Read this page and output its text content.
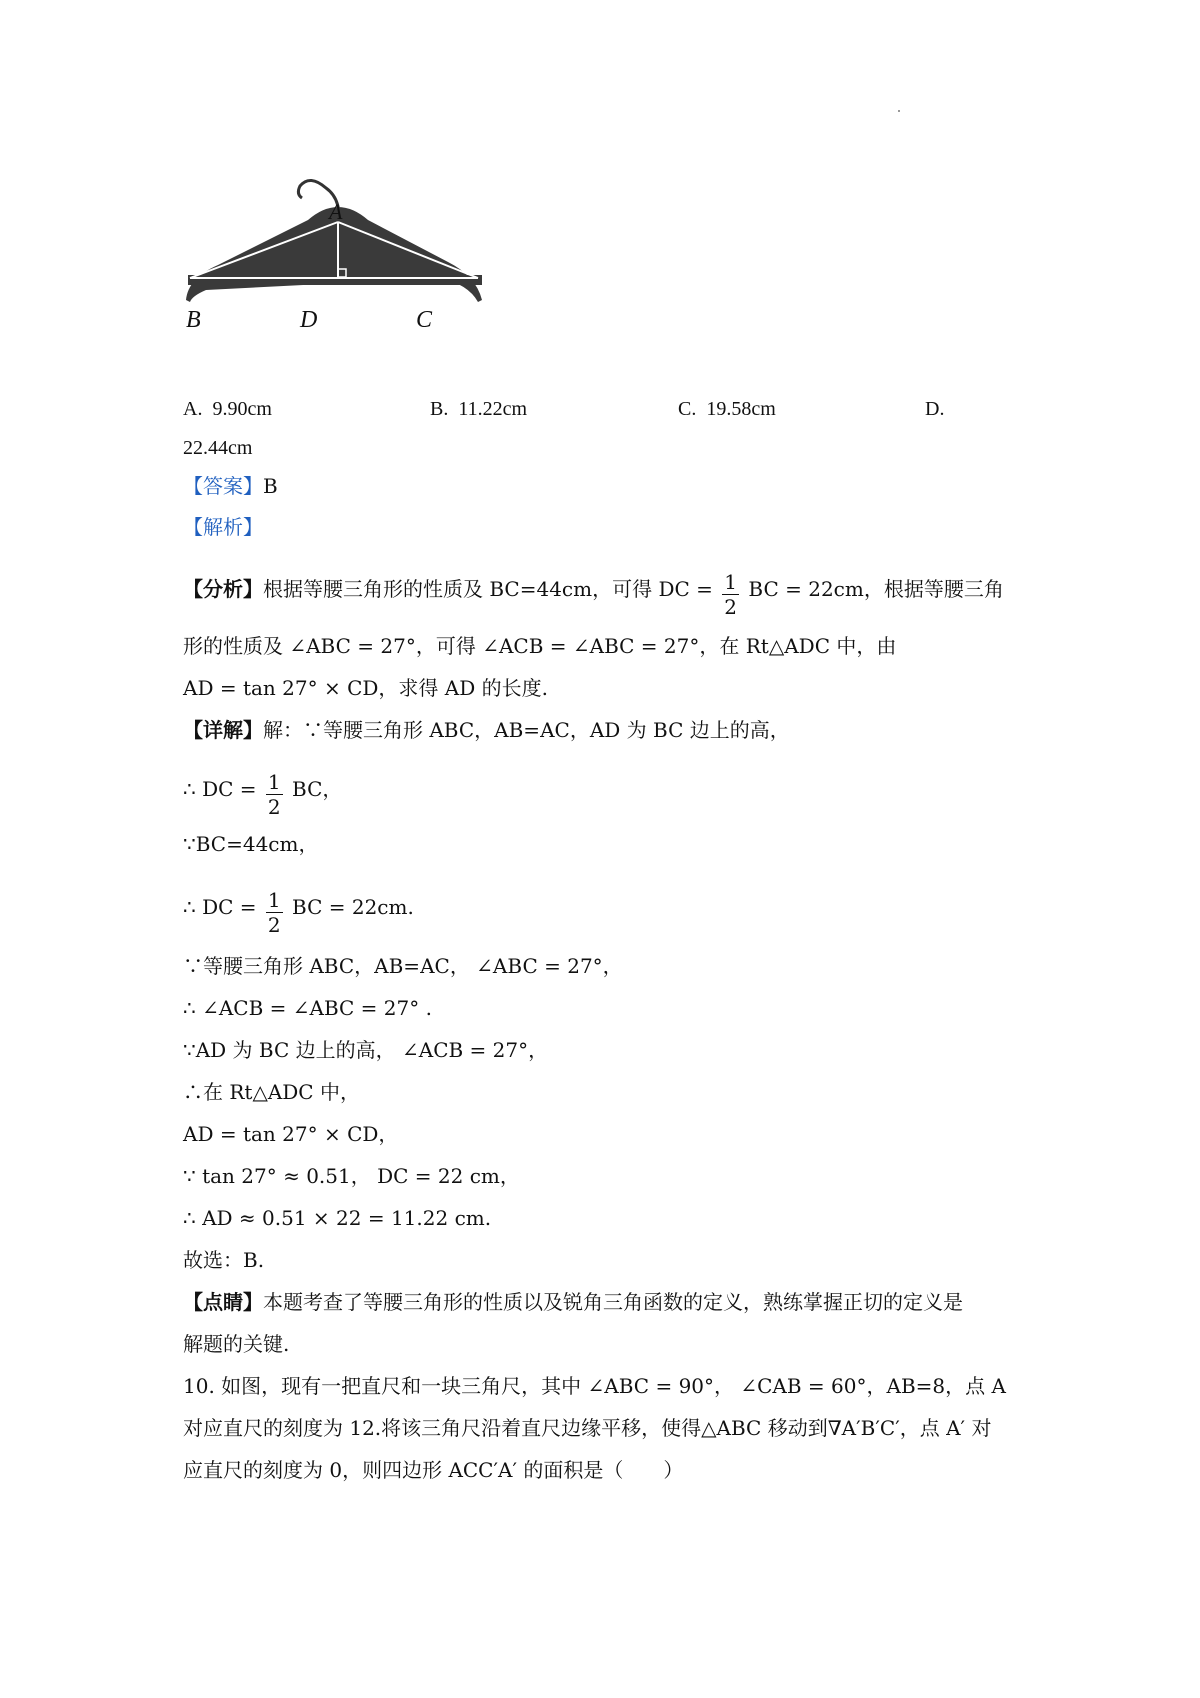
A
B	D	C
A. 9.90cm	B. 11.22cm	C. 19.58cm	D.
22.44cm
【答案】B
【解析】
【分析】根据等腰三角形的性质及 BC=44cm，可得 DC = $\frac{1}{2}$ BC = 22cm，根据等腰三角
形的性质及 ∠ABC = 27°，可得 ∠ACB = ∠ABC = 27°，在 Rt△ADC 中，由
AD = tan 27° × CD，求得 AD 的长度.
【详解】解：∵等腰三角形 ABC，AB=AC，AD 为 BC 边上的高，
∴ DC = $\frac{1}{2}$ BC，
∵BC=44cm，
∴ DC = $\frac{1}{2}$ BC = 22cm.
∵等腰三角形 ABC，AB=AC， ∠ABC = 27°，
∴ ∠ACB = ∠ABC = 27° .
∵AD 为 BC 边上的高， ∠ACB = 27°，
∴在 Rt△ADC 中，
AD = tan 27° × CD，
∵ tan 27° ≈ 0.51， DC = 22 cm，
∴ AD ≈ 0.51 × 22 = 11.22 cm.
故选：B.
【点睛】本题考查了等腰三角形的性质以及锐角三角函数的定义，熟练掌握正切的定义是
解题的关键.
10. 如图，现有一把直尺和一块三角尺，其中 ∠ABC = 90°， ∠CAB = 60°，AB=8，点 A
对应直尺的刻度为 12.将该三角尺沿着直尺边缘平移，使得△ABC 移动到∇A′B′C′，点 A′ 对
应直尺的刻度为 0，则四边形 ACC′A′ 的面积是（　　）
